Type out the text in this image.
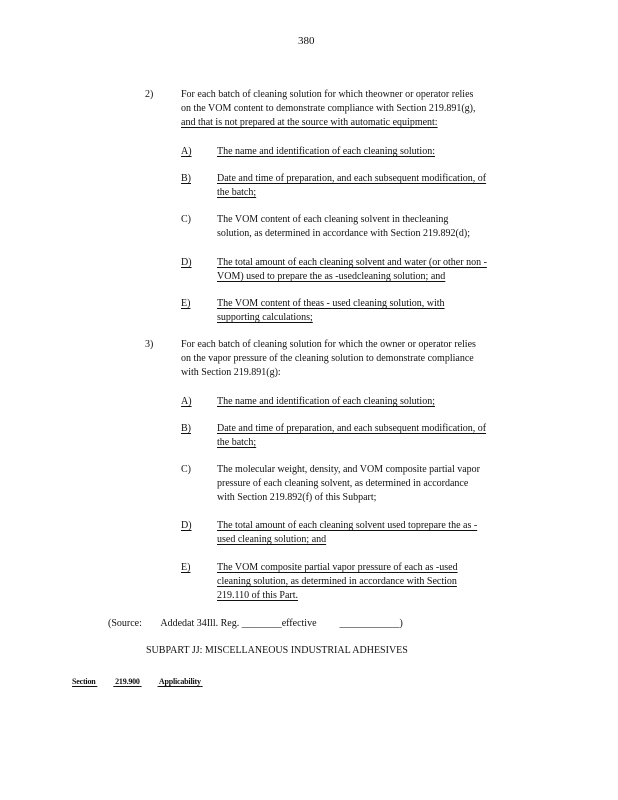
380
2)	For each batch of cleaning solution for which theowner or operator relies
on the VOM content to demonstrate compliance with Section 219.891(g),
and that is not prepared at the source with automatic equipment:
A)	The name and identification of each cleaning solution:
B)	Date and time of preparation, and each subsequent modification, of
the batch;
C)	The VOM content of each cleaning solvent in thecleaning
solution, as determined in accordance with Section 219.892(d);
D)	The total amount of each cleaning solvent and water (or other non -
VOM) used to prepare the as -usedcleaning solution; and
E)	The VOM content of theas - used cleaning solution, with
supporting calculations;
3)	For each batch of cleaning solution for which the owner or operator relies
on the vapor pressure of the cleaning solution to demonstrate compliance
with Section 219.891(g):
A)	The name and identification of each cleaning solution;
B)	Date and time of preparation, and each subsequent modification, of
the batch;
C)	The molecular weight, density, and VOM composite partial vapor
pressure of each cleaning solvent, as determined in accordance
with Section 219.892(f) of this Subpart;
D)	The total amount of each cleaning solvent used toprepare the as -
used cleaning solution; and
E)	The VOM composite partial vapor pressure of each as -used
cleaning solution, as determined in accordance with Section
219.110 of this Part.
(Source: Addedat 34Ill. Reg. ________effective ____________)
SUBPART JJ: MISCELLANEOUS INDUSTRIAL ADHESIVES
Section 219.900 Applicability
